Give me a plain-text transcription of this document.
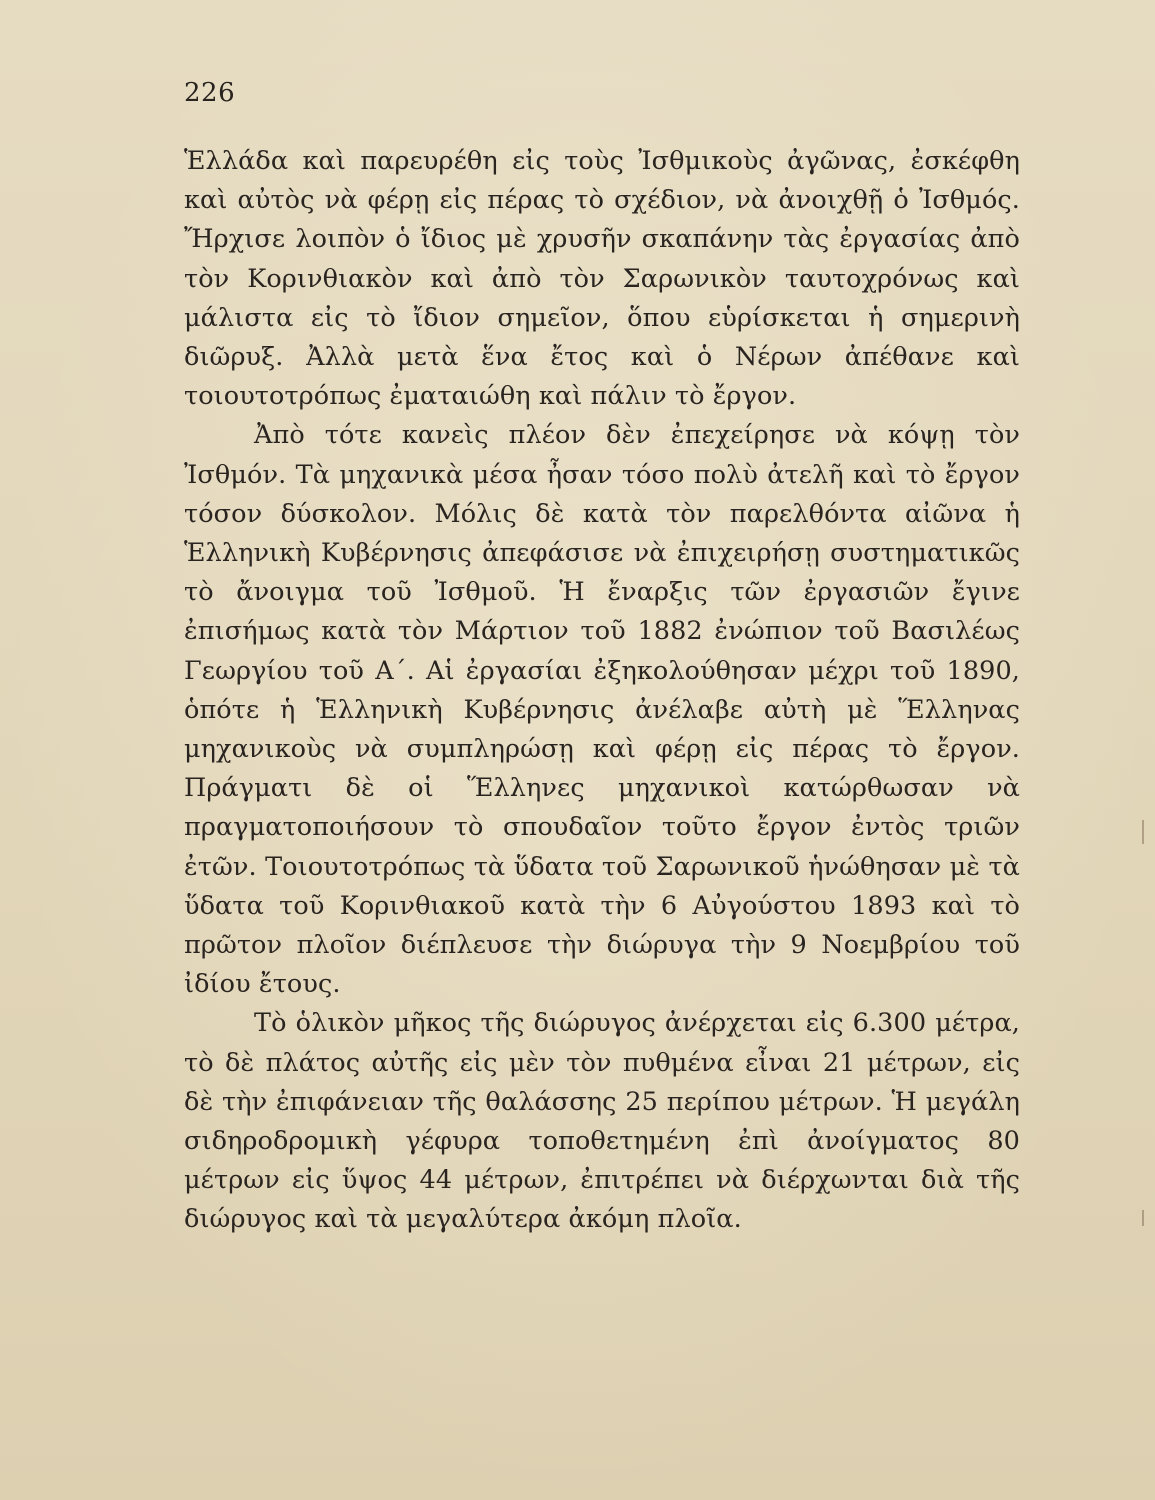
226

Ἑλλάδα καὶ παρευρέθη εἰς τοὺς Ἰσθμικοὺς ἀγῶνας, ἐσκέφθη καὶ αὐτὸς νὰ φέρῃ εἰς πέρας τὸ σχέδιον, νὰ ἀνοιχθῇ ὁ Ἰσθμός. Ἤρχισε λοιπὸν ὁ ἴδιος μὲ χρυσῆν σκαπάνην τὰς ἐργασίας ἀπὸ τὸν Κορινθιακὸν καὶ ἀπὸ τὸν Σαρωνικὸν ταυτοχρόνως καὶ μάλιστα εἰς τὸ ἴδιον σημεῖον, ὅπου εὑρίσκεται ἡ σημερινὴ διῶρυξ. Ἀλλὰ μετὰ ἕνα ἔτος καὶ ὁ Νέρων ἀπέθανε καὶ τοιουτοτρόπως ἐματαιώθη καὶ πάλιν τὸ ἔργον.

Ἀπὸ τότε κανεὶς πλέον δὲν ἐπεχείρησε νὰ κόψῃ τὸν Ἰσθμόν. Τὰ μηχανικὰ μέσα ἦσαν τόσο πολὺ ἀτελῆ καὶ τὸ ἔργον τόσον δύσκολον. Μόλις δὲ κατὰ τὸν παρελθόντα αἰῶνα ἡ Ἑλληνικὴ Κυβέρνησις ἀπεφάσισε νὰ ἐπιχειρήσῃ συστηματικῶς τὸ ἄνοιγμα τοῦ Ἰσθμοῦ. Ἡ ἔναρξις τῶν ἐργασιῶν ἔγινε ἐπισήμως κατὰ τὸν Μάρτιον τοῦ 1882 ἐνώπιον τοῦ Βασιλέως Γεωργίου τοῦ Α΄. Αἱ ἐργασίαι ἐξηκολούθησαν μέχρι τοῦ 1890, ὁπότε ἡ Ἑλληνικὴ Κυβέρνησις ἀνέλαβε αὐτὴ μὲ Ἕλληνας μηχανικοὺς νὰ συμπληρώσῃ καὶ φέρῃ εἰς πέρας τὸ ἔργον. Πράγματι δὲ οἱ Ἕλληνες μηχανικοὶ κατώρθωσαν νὰ πραγματοποιήσουν τὸ σπουδαῖον τοῦτο ἔργον ἐντὸς τριῶν ἐτῶν. Τοιουτοτρόπως τὰ ὕδατα τοῦ Σαρωνικοῦ ἡνώθησαν μὲ τὰ ὕδατα τοῦ Κορινθιακοῦ κατὰ τὴν 6 Αὐγούστου 1893 καὶ τὸ πρῶτον πλοῖον διέπλευσε τὴν διώρυγα τὴν 9 Νοεμβρίου τοῦ ἰδίου ἔτους.

Τὸ ὁλικὸν μῆκος τῆς διώρυγος ἀνέρχεται εἰς 6.300 μέτρα, τὸ δὲ πλάτος αὐτῆς εἰς μὲν τὸν πυθμένα εἶναι 21 μέτρων, εἰς δὲ τὴν ἐπιφάνειαν τῆς θαλάσσης 25 περίπου μέτρων. Ἡ μεγάλη σιδηροδρομικὴ γέφυρα τοποθετημένη ἐπὶ ἀνοίγματος 80 μέτρων εἰς ὕψος 44 μέτρων, ἐπιτρέπει νὰ διέρχωνται διὰ τῆς διώρυγος καὶ τὰ μεγαλύτερα ἀκόμη πλοῖα.
